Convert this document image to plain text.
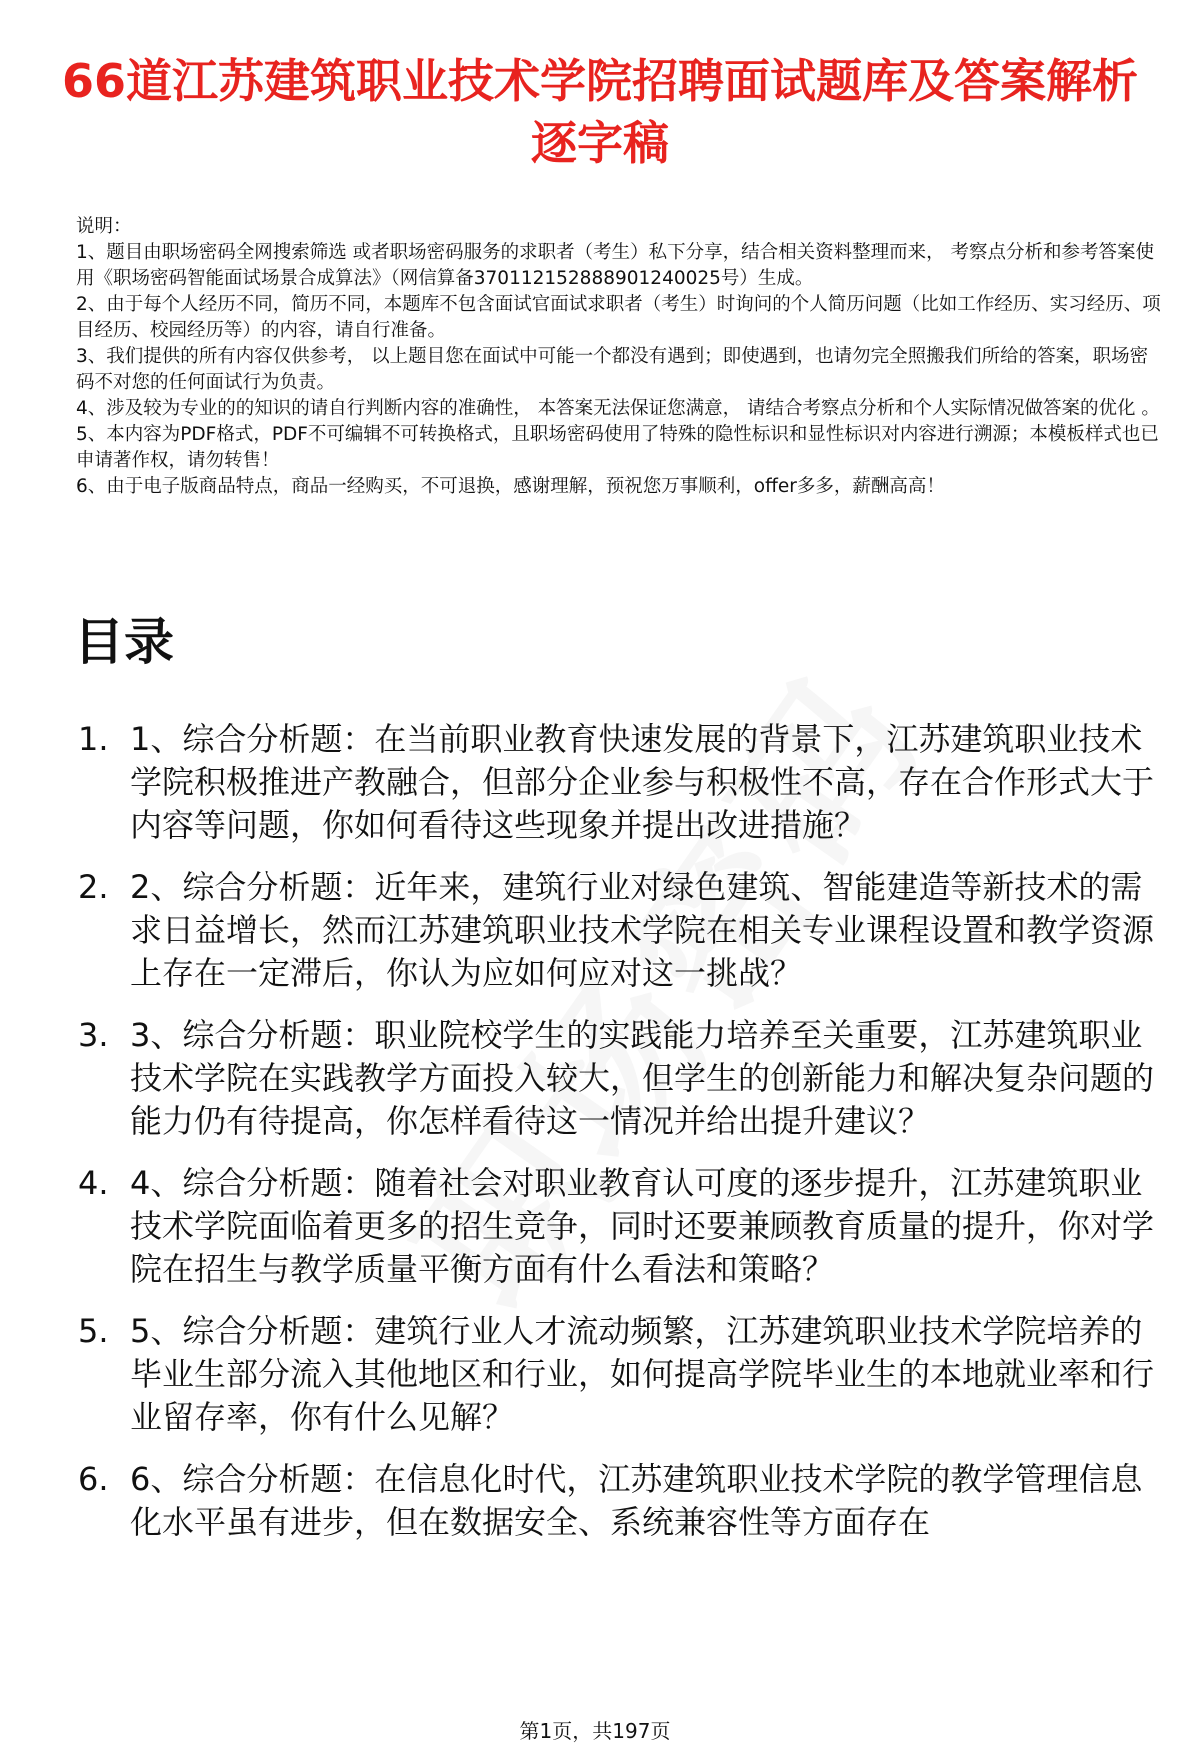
66道江苏建筑职业技术学院招聘面试题库及答案解析逐字稿

说明：

1、题目由职场密码全网搜索筛选 或者职场密码服务的求职者（考生）私下分享，结合相关资料整理而来， 考察点分析和参考答案使用《职场密码智能面试场景合成算法》（网信算备370112152888901240025号）生成。

2、由于每个人经历不同，简历不同，本题库不包含面试官面试求职者（考生）时询问的个人简历问题（比如工作经历、实习经历、项目经历、校园经历等）的内容，请自行准备。

3、我们提供的所有内容仅供参考， 以上题目您在面试中可能一个都没有遇到；即使遇到，也请勿完全照搬我们所给的答案，职场密码不对您的任何面试行为负责。

4、涉及较为专业的的知识的请自行判断内容的准确性， 本答案无法保证您满意， 请结合考察点分析和个人实际情况做答案的优化 。

5、本内容为PDF格式，PDF不可编辑不可转换格式，且职场密码使用了特殊的隐性标识和显性标识对内容进行溯源；本模板样式也已申请著作权，请勿转售！

6、由于电子版商品特点，商品一经购买，不可退换，感谢理解，预祝您万事顺利，offer多多，薪酬高高！

目录
1. 1、综合分析题：在当前职业教育快速发展的背景下，江苏建筑职业技术学院积极推进产教融合，但部分企业参与积极性不高，存在合作形式大于内容等问题，你如何看待这些现象并提出改进措施？
2. 2、综合分析题：近年来，建筑行业对绿色建筑、智能建造等新技术的需求日益增长，然而江苏建筑职业技术学院在相关专业课程设置和教学资源上存在一定滞后，你认为应如何应对这一挑战？
3. 3、综合分析题：职业院校学生的实践能力培养至关重要，江苏建筑职业技术学院在实践教学方面投入较大，但学生的创新能力和解决复杂问题的能力仍有待提高，你怎样看待这一情况并给出提升建议？
4. 4、综合分析题：随着社会对职业教育认可度的逐步提升，江苏建筑职业技术学院面临着更多的招生竞争，同时还要兼顾教育质量的提升，你对学院在招生与教学质量平衡方面有什么看法和策略？
5. 5、综合分析题：建筑行业人才流动频繁，江苏建筑职业技术学院培养的毕业生部分流入其他地区和行业，如何提高学院毕业生的本地就业率和行业留存率，你有什么见解？
6. 6、综合分析题：在信息化时代，江苏建筑职业技术学院的教学管理信息化水平虽有进步，但在数据安全、系统兼容性等方面存在
第1页，共197页
